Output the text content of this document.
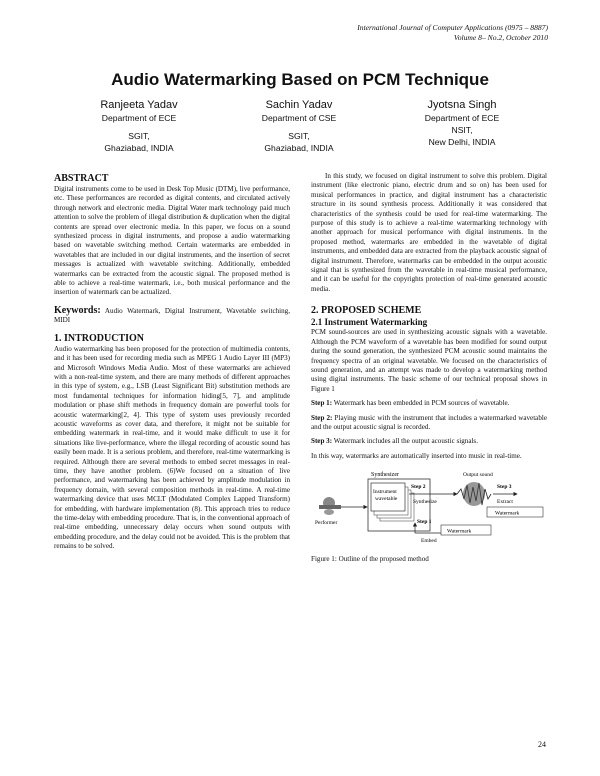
International Journal of Computer Applications (0975 – 8887)
Volume 8– No.2, October 2010
Audio Watermarking Based on PCM Technique
Ranjeeta Yadav
Department of ECE
SGIT,
Ghaziabad, INDIA
Sachin Yadav
Department of CSE
SGIT,
Ghaziabad, INDIA
Jyotsna Singh
Department of ECE
NSIT,
New Delhi, INDIA
ABSTRACT

Digital instruments come to be used in Desk Top Music (DTM), live performance, etc. These performances are recorded as digital contents, and circulated actively through network and electronic media. Digital Water mark technology paid much attention to solve the problem of illegal distribution & duplication when the digital contents are spread over electronic media. In this paper, we focus on a sound synthesized process in digital instruments, and propose a audio watermarking based on wavetable switching method. Certain watermarks are embedded in wavetables that are included in our digital instruments, and the insertion of secret messages is actualized with wavetable switching. Additionally, embedded watermarks can be extracted from the acoustic signal. The proposed method is able to achieve a real-time watermark, i.e., both musical performance and the insertion of watermark can be actualized.

Keywords: Audio Watermark, Digital Instrument, Wavetable switching, MIDI

1. INTRODUCTION

Audio watermarking has been proposed for the protection of multimedia contents, and it has been used for recording media such as MPEG 1 Audio Layer III (MP3) and Microsoft Windows Media Audio. Most of these watermarks are achieved with a non-real-time system, and there are many methods of different approaches in this type of system, e.g., LSB (Least Significant Bit) substitution methods are most fundamental techniques for information hiding[5, 7], and amplitude modulation or phase shift methods in frequency domain are powerful tools for acoustic watermarking[2, 4]. This type of system uses previously recorded acoustic waveforms as cover data, and therefore, it might not be suitable for embedding watermark in real-time, and it would make difficult to use it for situations like live-performance, where the illegal recording of acoustic sound has easily been made. It is a serious problem, and therefore, real-time watermarking is required. Although there are several methods to embed secret messages in real-time, they have another problem. (6)We focused on a situation of live performance, and watermarking has been achieved by amplitude modulation in frequency domain, with several composition methods in real-time. A real-time watermarking device that uses MCLT (Modulated Complex Lapped Transform) for embedding, with hardware implementation (8). This approach tries to reduce the time-delay with embedding procedure. That is, in the conventional approach of real-time embedding, unnecessary delay occurs when sound outputs with embedding procedure, and the delay could not be avoided. This is the problem that remains to be solved.

In this study, we focused on digital instrument to solve this problem. Digital instrument (like electronic piano, electric drum and so on) has been used for musical performances in practice, and digital instrument has a characteristic structure in its sound synthesis process. Additionally it was considered that characteristics of the synthesis could be used for real-time watermarking. The purpose of this study is to achieve a real-time watermarking technology with another approach for musical performance with digital instruments. In the proposed method, watermarks are embedded in the wavetable of digital instruments, and embedded data are extracted from the playback acoustic signal of digital instrument. Therefore, watermarks can be embedded in the output acoustic signal that is synthesized from the wavetable in real-time musical performance, and it can be useful for the copyrights protection of real-time generated acoustic media.

2. PROPOSED SCHEME
2.1 Instrument Watermarking

PCM sound-sources are used in synthesizing acoustic signals with a wavetable. Although the PCM waveform of a wavetable has been modified for sound output during the sound generation, the synthesized PCM acoustic sound maintains the frequency spectra of an original wavetable. We focused on the characteristics of sound generation, and an attempt was made to develop a watermarking method using digital instruments. The basic scheme of our technical proposal shows in Figure 1

Step 1: Watermark has been embedded in PCM sources of wavetable.

Step 2: Playing music with the instrument that includes a watermarked wavetable and the output acoustic signal is recorded.

Step 3: Watermark includes all the output acoustic signals.

In this way, watermarks are automatically inserted into music in real-time.

Synthesizer
Instrument
wavetable
Performer
Step 2
Synthesize
Output sound
Step 3
Extract
Watermark
Step 1
Embed
Watermark

Figure 1: Outline of the proposed method

24
